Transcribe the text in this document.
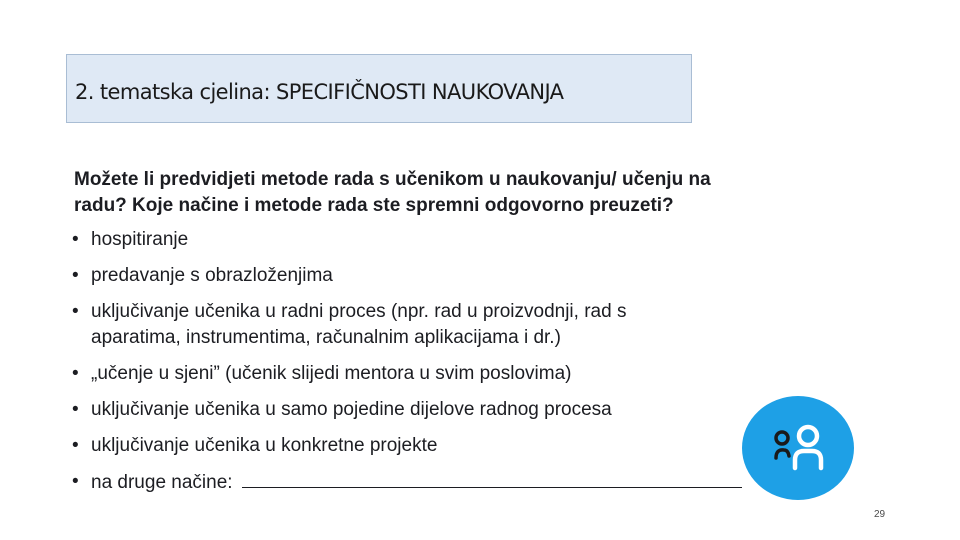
2. tematska cjelina: SPECIFIČNOSTI NAUKOVANJA
Možete li predvidjeti metode rada s učenikom u naukovanju/ učenju na
radu? Koje načine i metode rada ste spremni odgovorno preuzeti?
• hospitiranje
• predavanje s obrazloženjima
• uključivanje učenika u radni proces (npr. rad u proizvodnji, rad s
aparatima, instrumentima, računalnim aplikacijama i dr.)
• „učenje u sjeni” (učenik slijedi mentora u svim poslovima)
• uključivanje učenika u samo pojedine dijelove radnog procesa
• uključivanje učenika u konkretne projekte
• na druge načine:
29
